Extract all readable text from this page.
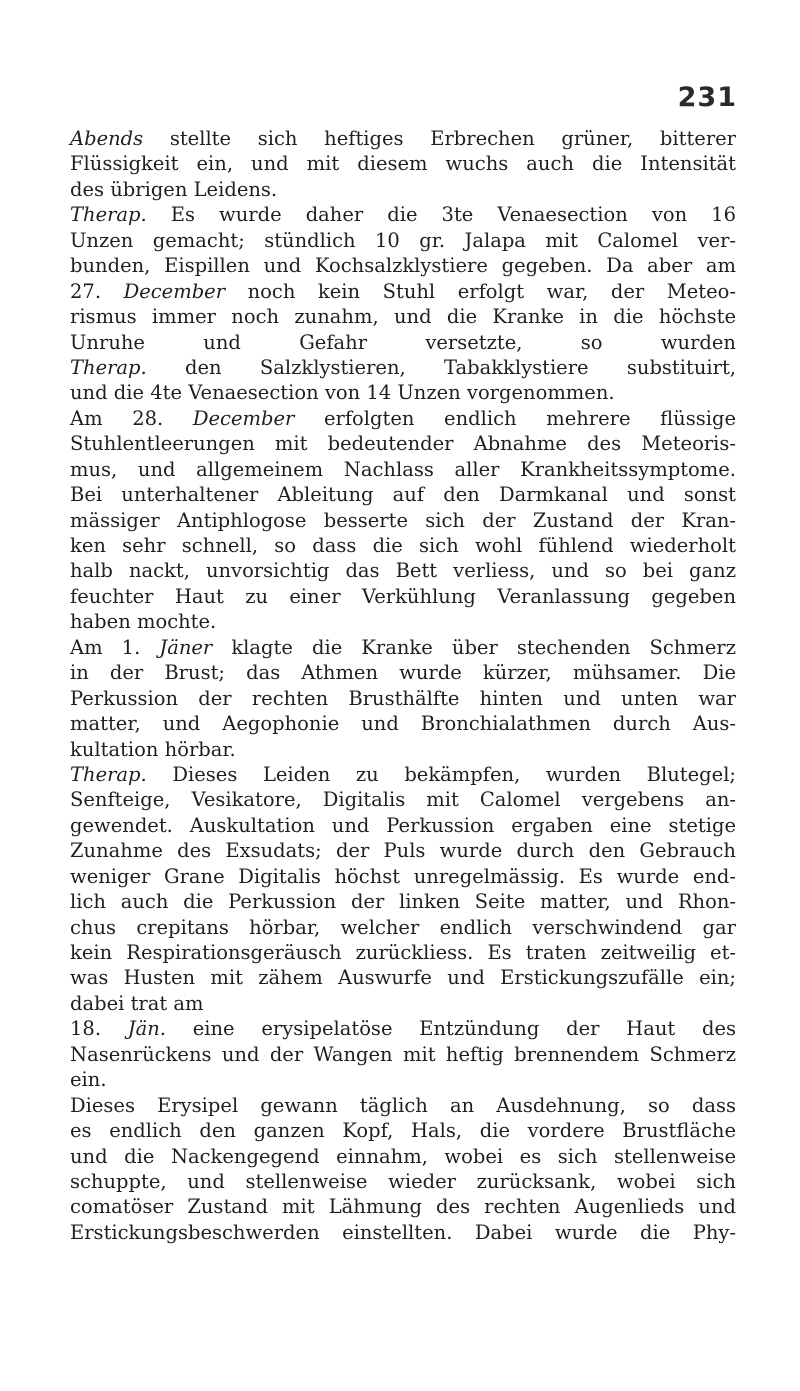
231
Abends stellte sich heftiges Erbrechen grüner, bitterer
Flüssigkeit ein, und mit diesem wuchs auch die Intensität
des übrigen Leidens.
Therap. Es wurde daher die 3te Venaesection von 16
Unzen gemacht; stündlich 10 gr. Jalapa mit Calomel ver-
bunden, Eispillen und Kochsalzklystiere gegeben. Da aber am
27. December noch kein Stuhl erfolgt war, der Meteo-
rismus immer noch zunahm, und die Kranke in die höchste
Unruhe und Gefahr versetzte, so wurden
Therap. den Salzklystieren, Tabakklystiere substituirt,
und die 4te Venaesection von 14 Unzen vorgenommen.
Am 28. December erfolgten endlich mehrere flüssige
Stuhlentleerungen mit bedeutender Abnahme des Meteoris-
mus, und allgemeinem Nachlass aller Krankheitssymptome.
Bei unterhaltener Ableitung auf den Darmkanal und sonst
mässiger Antiphlogose besserte sich der Zustand der Kran-
ken sehr schnell, so dass die sich wohl fühlend wiederholt
halb nackt, unvorsichtig das Bett verliess, und so bei ganz
feuchter Haut zu einer Verkühlung Veranlassung gegeben
haben mochte.
Am 1. Jäner klagte die Kranke über stechenden Schmerz
in der Brust; das Athmen wurde kürzer, mühsamer. Die
Perkussion der rechten Brusthälfte hinten und unten war
matter, und Aegophonie und Bronchialathmen durch Aus-
kultation hörbar.
Therap. Dieses Leiden zu bekämpfen, wurden Blutegel;
Senfteige, Vesikatore, Digitalis mit Calomel vergebens an-
gewendet. Auskultation und Perkussion ergaben eine stetige
Zunahme des Exsudats; der Puls wurde durch den Gebrauch
weniger Grane Digitalis höchst unregelmässig. Es wurde end-
lich auch die Perkussion der linken Seite matter, und Rhon-
chus crepitans hörbar, welcher endlich verschwindend gar
kein Respirationsgeräusch zurückliess. Es traten zeitweilig et-
was Husten mit zähem Auswurfe und Erstickungszufälle ein;
dabei trat am
18. Jän. eine erysipelatöse Entzündung der Haut des
Nasenrückens und der Wangen mit heftig brennendem Schmerz
ein.
Dieses Erysipel gewann täglich an Ausdehnung, so dass
es endlich den ganzen Kopf, Hals, die vordere Brustfläche
und die Nackengegend einnahm, wobei es sich stellenweise
schuppte, und stellenweise wieder zurücksank, wobei sich
comatöser Zustand mit Lähmung des rechten Augenlieds und
Erstickungsbeschwerden einstellten. Dabei wurde die Phy-
